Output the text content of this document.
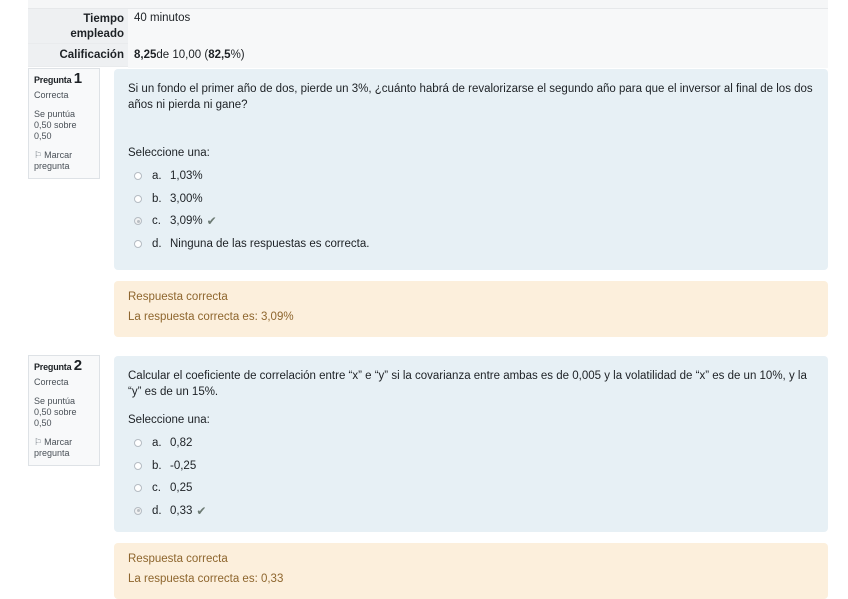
Tiempo empleado
40 minutos
Calificación 8,25 de 10,00 ( 82,5 %)
Pregunta 1
Correcta
Se puntúa 0,50 sobre 0,50
⚐ Marcar pregunta

Si un fondo el primer año de dos, pierde un 3%, ¿cuánto habrá de revalorizarse el segundo año para que el inversor al final de los dos años ni pierda ni gane?

Seleccione una:
a. 1,03%
b. 3,00%
c. 3,09% ✔
d. Ninguna de las respuestas es correcta.
Respuesta correcta
La respuesta correcta es: 3,09%
Pregunta 2
Correcta
Se puntúa 0,50 sobre 0,50
⚐ Marcar pregunta

Calcular el coeficiente de correlación entre “x” e “y” si la covarianza entre ambas es de 0,005 y la volatilidad de “x” es de un 10%, y la “y” es de un 15%.

Seleccione una:
a. 0,82
b. -0,25
c. 0,25
d. 0,33 ✔
Respuesta correcta
La respuesta correcta es: 0,33
